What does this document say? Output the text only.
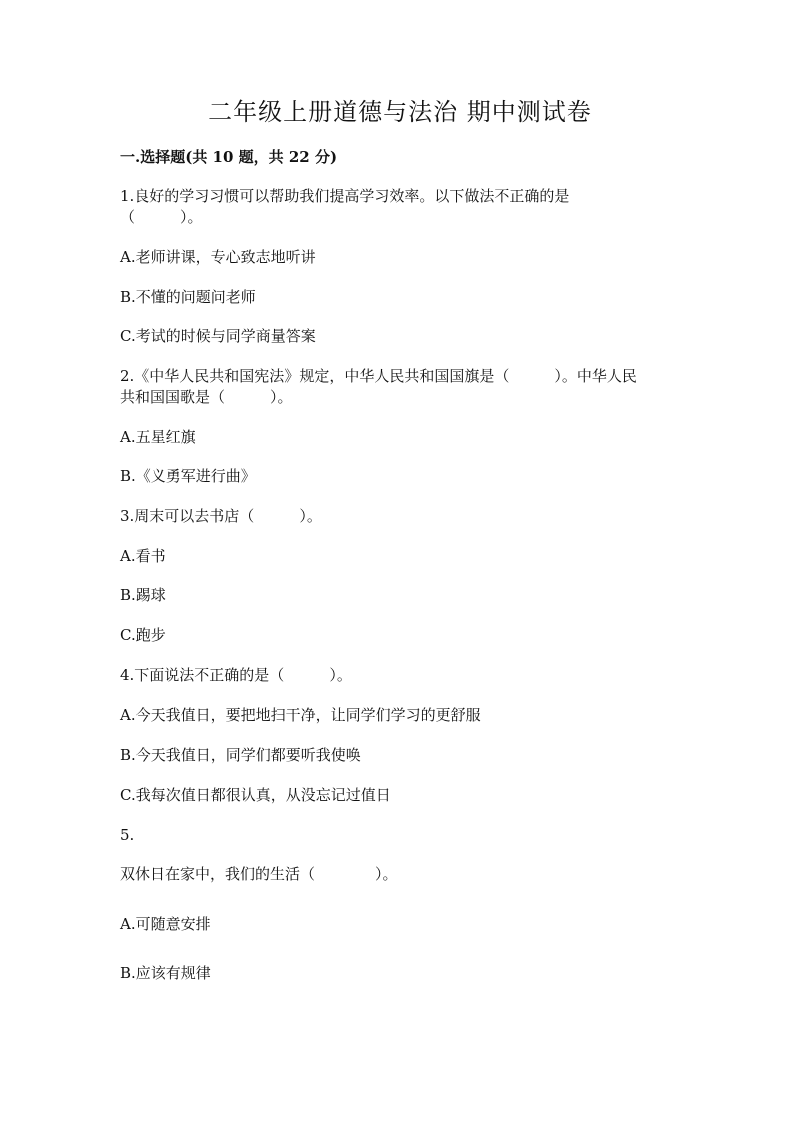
二年级上册道德与法治 期中测试卷
一.选择题(共 10 题，共 22 分)
1.良好的学习习惯可以帮助我们提高学习效率。以下做法不正确的是
（　　　）。
A.老师讲课，专心致志地听讲
B.不懂的问题问老师
C.考试的时候与同学商量答案
2.《中华人民共和国宪法》规定，中华人民共和国国旗是（　　　）。中华人民
共和国国歌是（　　　）。
A.五星红旗
B.《义勇军进行曲》
3.周末可以去书店（　　　）。
A.看书
B.踢球
C.跑步
4.下面说法不正确的是（　　　）。
A.今天我值日，要把地扫干净，让同学们学习的更舒服
B.今天我值日，同学们都要听我使唤
C.我每次值日都很认真，从没忘记过值日
5.
双休日在家中，我们的生活（　　　　）。
A.可随意安排
B.应该有规律
